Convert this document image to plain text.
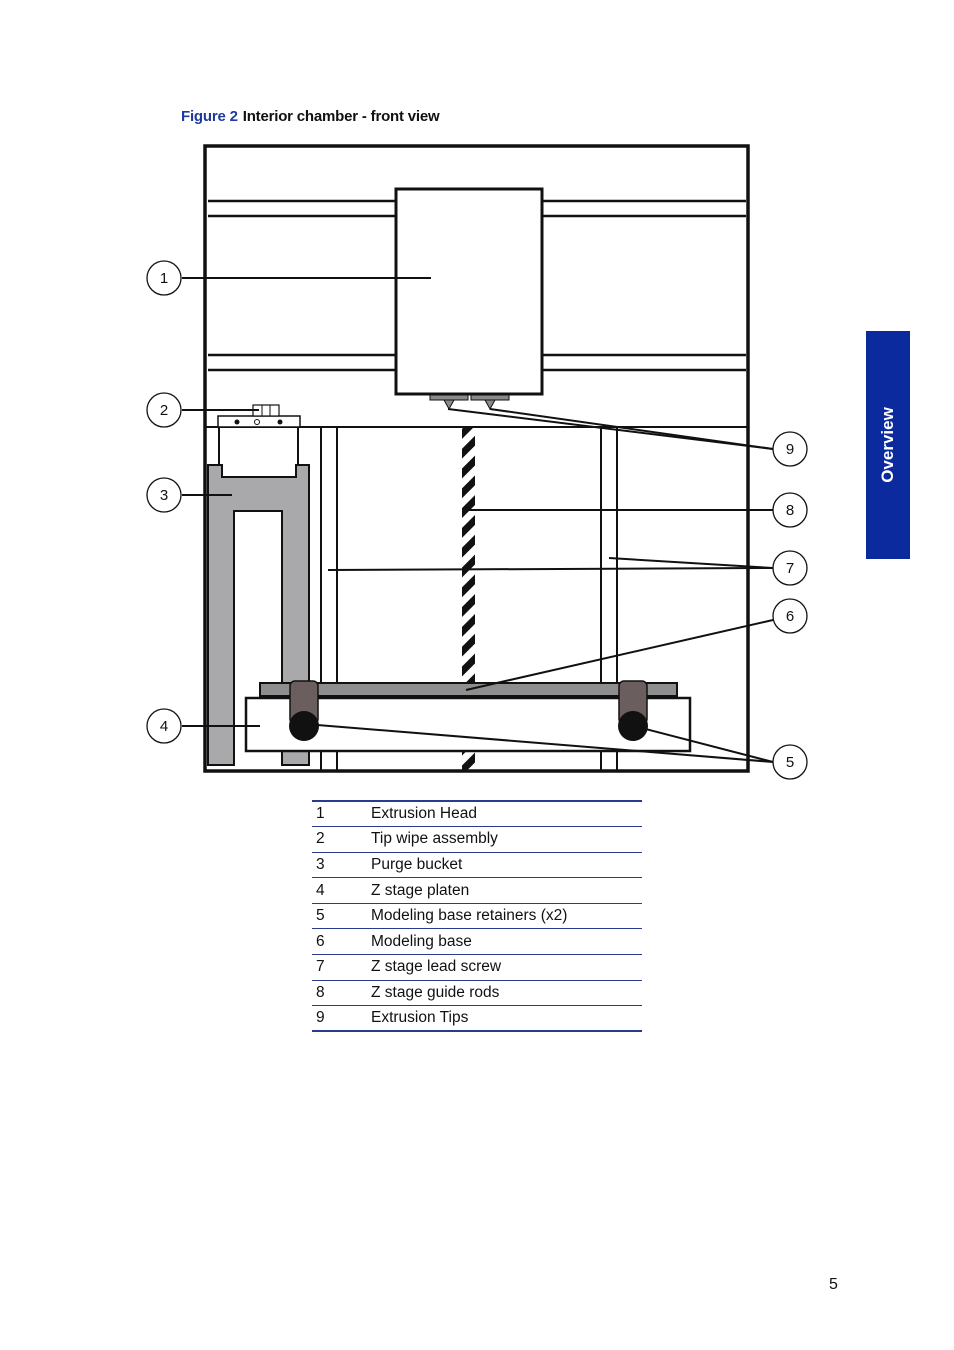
Figure 2 Interior chamber - front view
1
2
3
4
5
6
7
8
9
1	Extrusion Head
2	Tip wipe assembly
3	Purge bucket
4	Z stage platen
5	Modeling base retainers (x2)
6	Modeling base
7	Z stage lead screw
8	Z stage guide rods
9	Extrusion Tips
Overview
5
